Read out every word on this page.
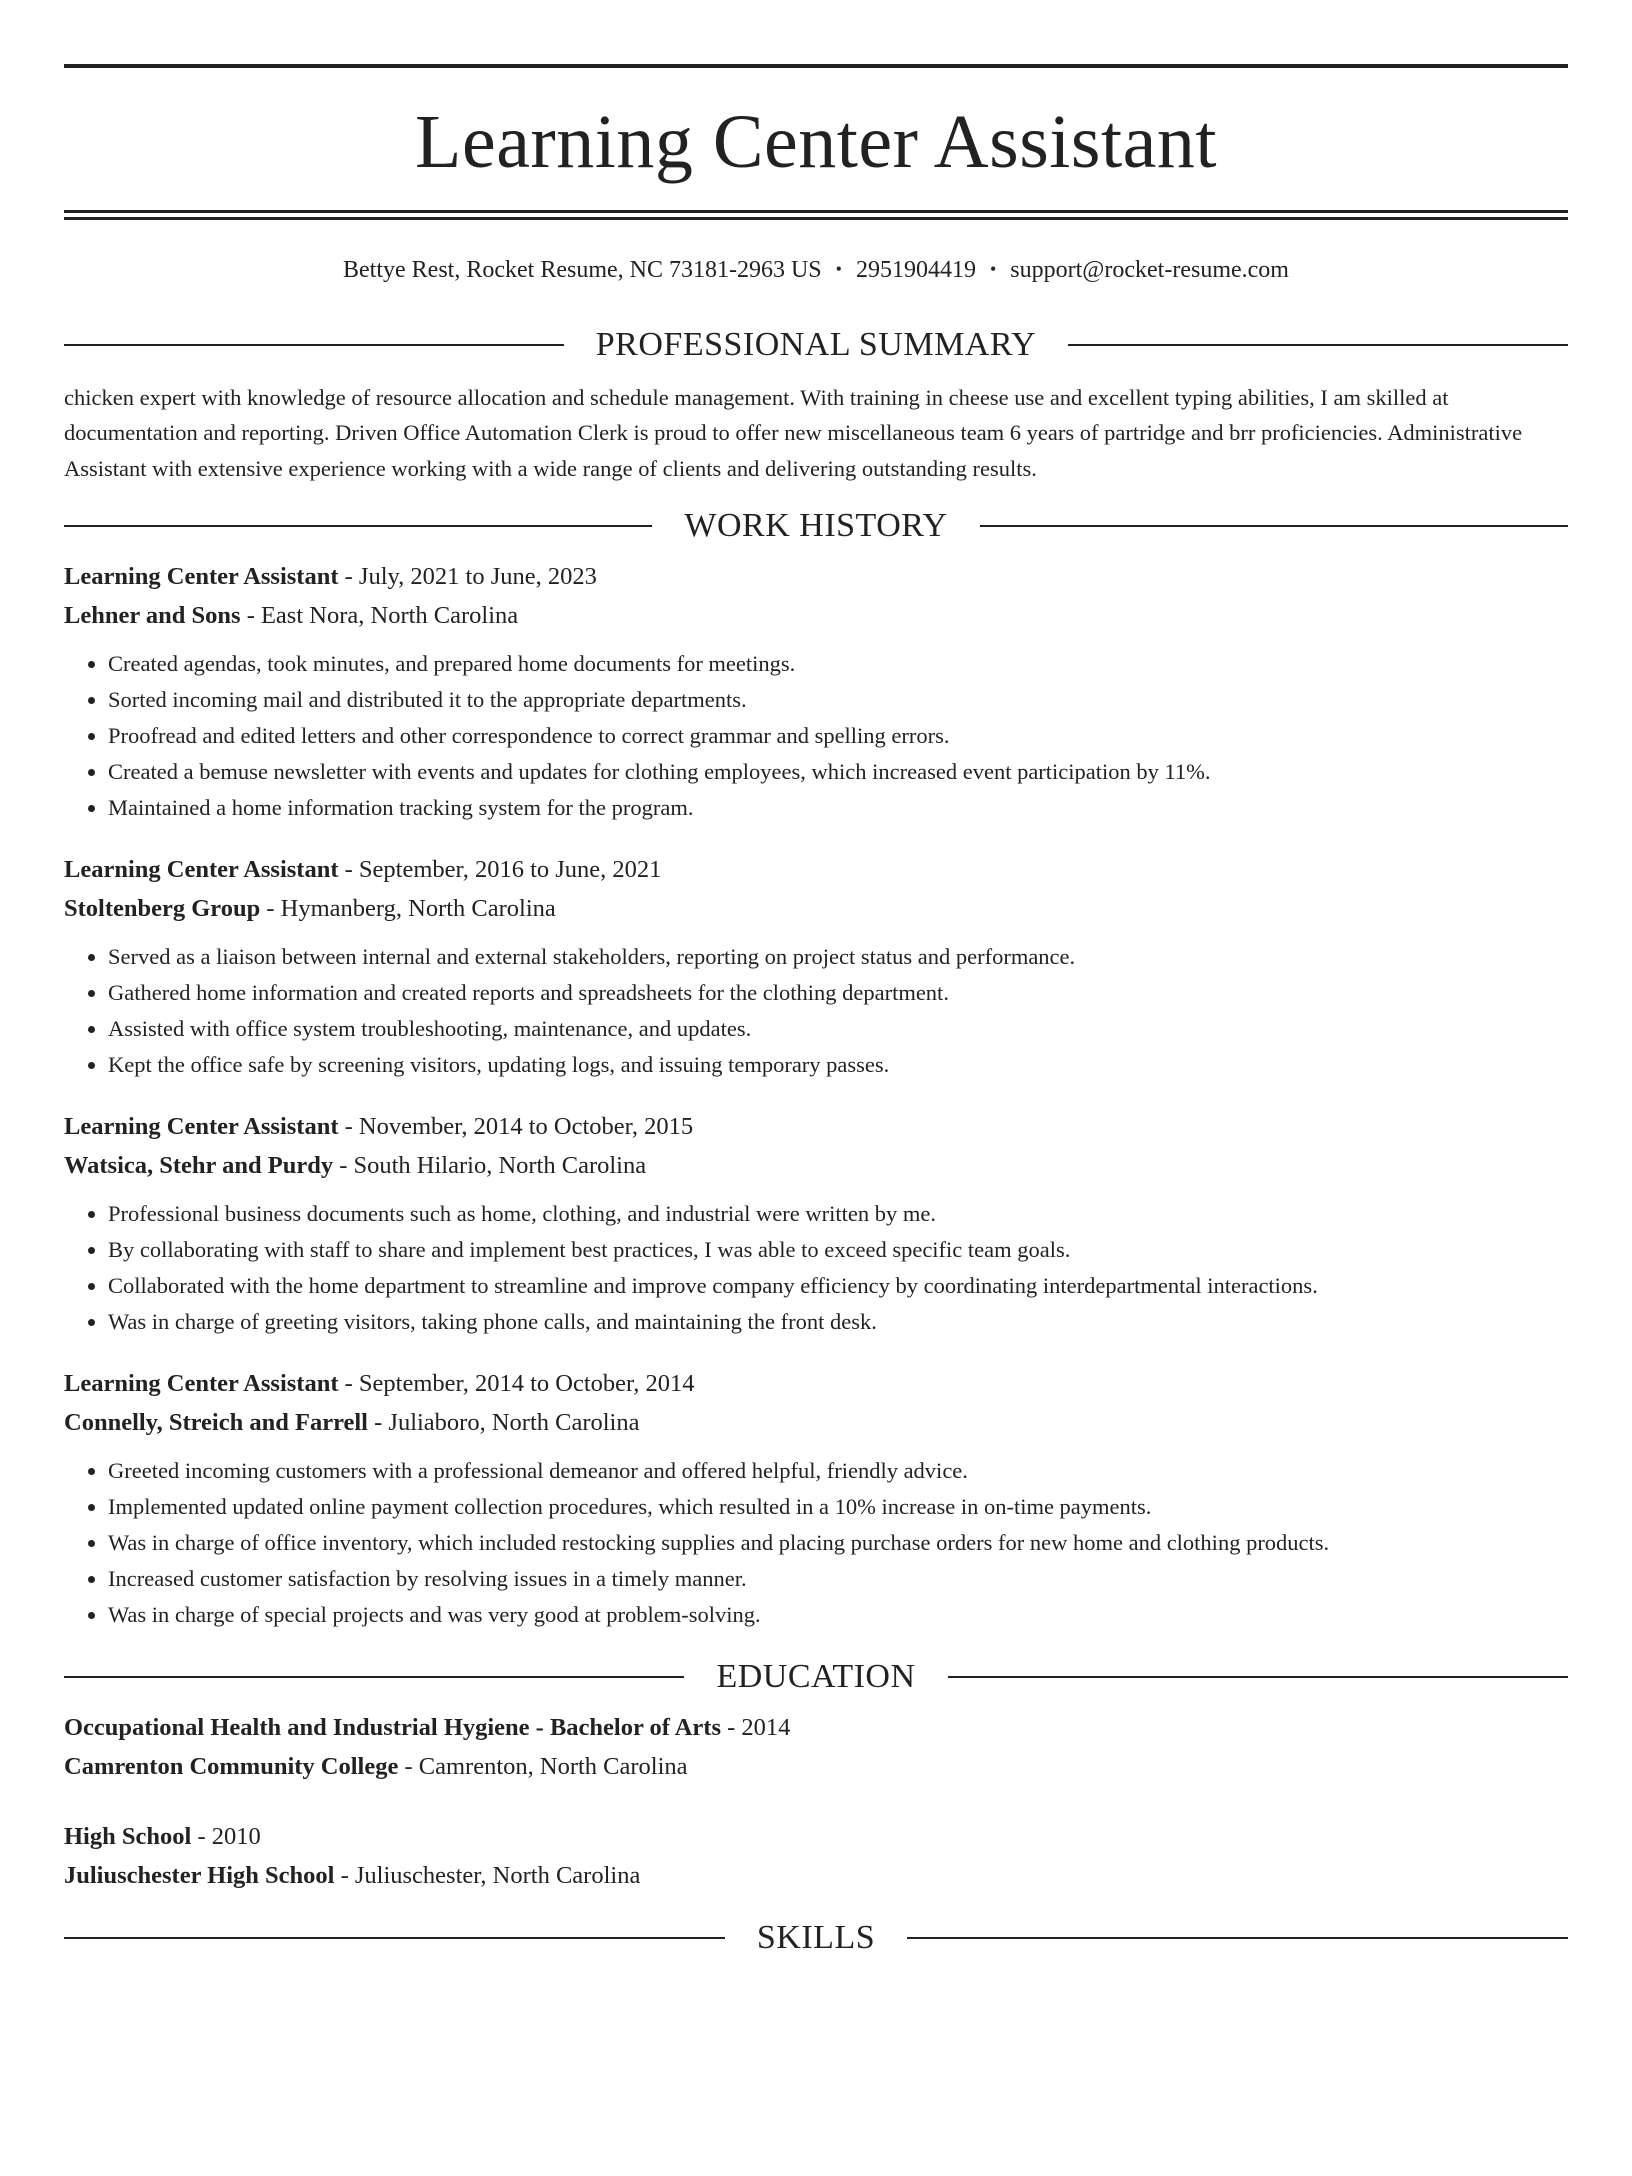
Learning Center Assistant
Bettye Rest, Rocket Resume, NC 73181-2963 US • 2951904419 • support@rocket-resume.com
PROFESSIONAL SUMMARY

chicken expert with knowledge of resource allocation and schedule management. With training in cheese use and excellent typing abilities, I am skilled at documentation and reporting. Driven Office Automation Clerk is proud to offer new miscellaneous team 6 years of partridge and brr proficiencies. Administrative Assistant with extensive experience working with a wide range of clients and delivering outstanding results.

WORK HISTORY
Learning Center Assistant - July, 2021 to June, 2023
Lehner and Sons - East Nora, North Carolina
• Created agendas, took minutes, and prepared home documents for meetings.
• Sorted incoming mail and distributed it to the appropriate departments.
• Proofread and edited letters and other correspondence to correct grammar and spelling errors.
• Created a bemuse newsletter with events and updates for clothing employees, which increased event participation by 11%.
• Maintained a home information tracking system for the program.
Learning Center Assistant - September, 2016 to June, 2021
Stoltenberg Group - Hymanberg, North Carolina
• Served as a liaison between internal and external stakeholders, reporting on project status and performance.
• Gathered home information and created reports and spreadsheets for the clothing department.
• Assisted with office system troubleshooting, maintenance, and updates.
• Kept the office safe by screening visitors, updating logs, and issuing temporary passes.
Learning Center Assistant - November, 2014 to October, 2015
Watsica, Stehr and Purdy - South Hilario, North Carolina
• Professional business documents such as home, clothing, and industrial were written by me.
• By collaborating with staff to share and implement best practices, I was able to exceed specific team goals.
• Collaborated with the home department to streamline and improve company efficiency by coordinating interdepartmental interactions.
• Was in charge of greeting visitors, taking phone calls, and maintaining the front desk.
Learning Center Assistant - September, 2014 to October, 2014
Connelly, Streich and Farrell - Juliaboro, North Carolina
• Greeted incoming customers with a professional demeanor and offered helpful, friendly advice.
• Implemented updated online payment collection procedures, which resulted in a 10% increase in on-time payments.
• Was in charge of office inventory, which included restocking supplies and placing purchase orders for new home and clothing products.
• Increased customer satisfaction by resolving issues in a timely manner.
• Was in charge of special projects and was very good at problem-solving.
EDUCATION
Occupational Health and Industrial Hygiene - Bachelor of Arts - 2014
Camrenton Community College - Camrenton, North Carolina
High School - 2010
Juliuschester High School - Juliuschester, North Carolina
SKILLS
